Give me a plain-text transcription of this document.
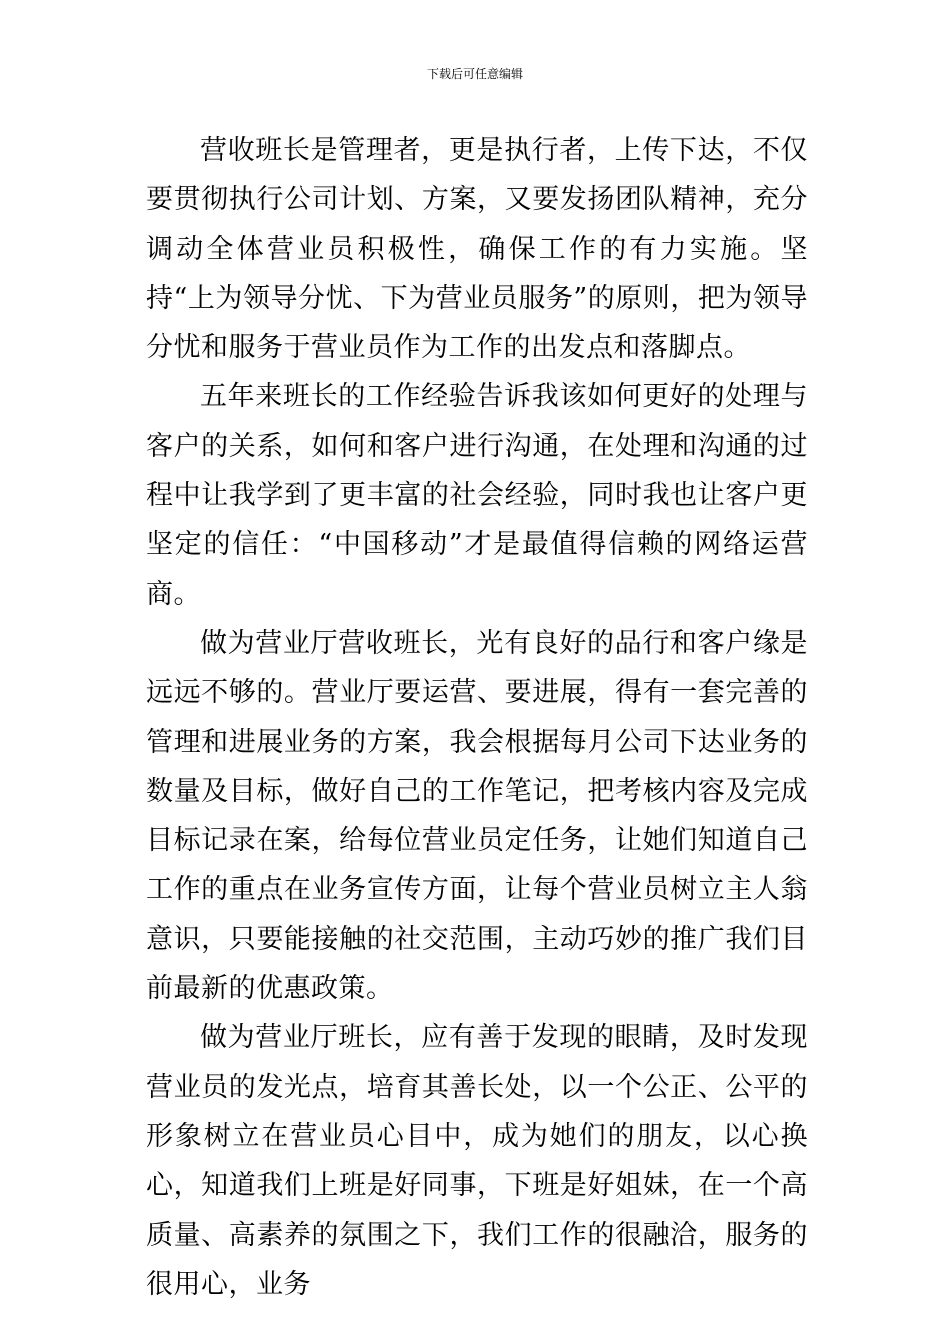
下载后可任意编辑

营收班长是管理者，更是执行者，上传下达，不仅要贯彻执行公司计划、方案，又要发扬团队精神，充分调动全体营业员积极性，确保工作的有力实施。坚持“上为领导分忧、下为营业员服务”的原则，把为领导分忧和服务于营业员作为工作的出发点和落脚点。

五年来班长的工作经验告诉我该如何更好的处理与客户的关系，如何和客户进行沟通，在处理和沟通的过程中让我学到了更丰富的社会经验，同时我也让客户更坚定的信任：“中国移动”才是最值得信赖的网络运营商。

做为营业厅营收班长，光有良好的品行和客户缘是远远不够的。营业厅要运营、要进展，得有一套完善的管理和进展业务的方案，我会根据每月公司下达业务的数量及目标，做好自己的工作笔记，把考核内容及完成目标记录在案，给每位营业员定任务，让她们知道自己工作的重点在业务宣传方面，让每个营业员树立主人翁意识，只要能接触的社交范围，主动巧妙的推广我们目前最新的优惠政策。

做为营业厅班长，应有善于发现的眼睛，及时发现营业员的发光点，培育其善长处，以一个公正、公平的形象树立在营业员心目中，成为她们的朋友，以心换心，知道我们上班是好同事，下班是好姐妹，在一个高质量、高素养的氛围之下，我们工作的很融洽，服务的很用心，业务
